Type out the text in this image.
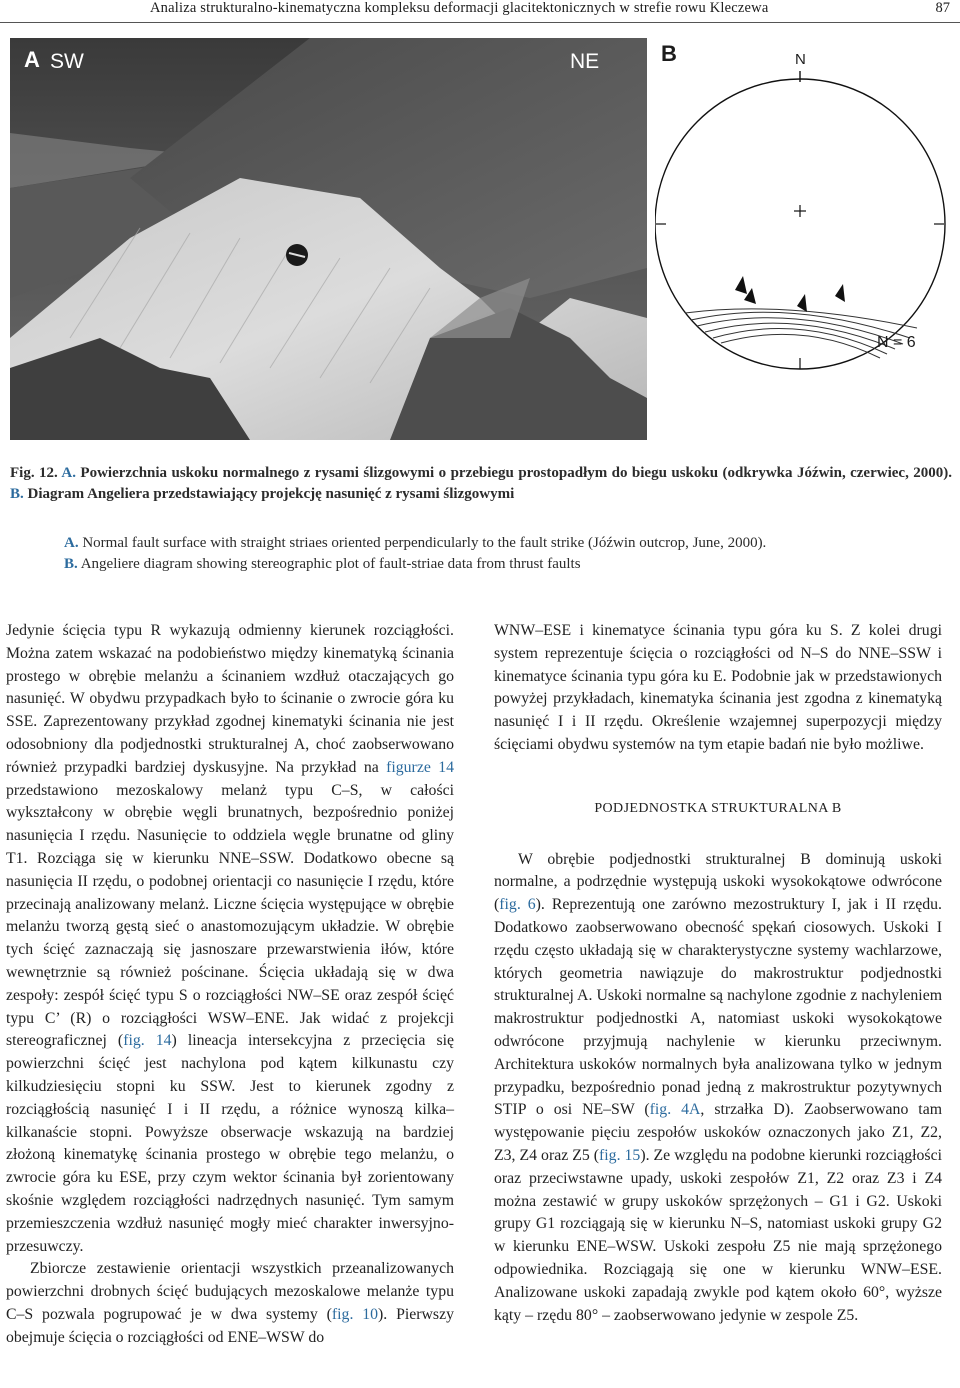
Analiza strukturalno-kinematyczna kompleksu deformacji glacitektonicznych w strefie rowu Kleczewa	87
A SW	NE	N
B
N = 6
Fig. 12. A. Powierzchnia uskoku normalnego z rysami ślizgowymi o przebiegu prostopadłym do biegu uskoku (odkrywka Jóźwin, czerwiec, 2000). B. Diagram Angeliera przedstawiający projekcję nasunięć z rysami ślizgowymi
A. Normal fault surface with straight striaes oriented perpendicularly to the fault strike (Jóźwin outcrop, June, 2000).
B. Angeliere diagram showing stereographic plot of fault-striae data from thrust faults

Jedynie ścięcia typu R wykazują odmienny kierunek rozciągłości. Można zatem wskazać na podobieństwo między kinematyką ścinania prostego w obrębie melanżu a ścinaniem wzdłuż otaczających go nasunięć. W obydwu przypadkach było to ścinanie o zwrocie góra ku SSE. Zaprezentowany przykład zgodnej kinematyki ścinania nie jest odosobniony dla podjednostki strukturalnej A, choć zaobserwowano również przypadki bardziej dyskusyjne. Na przykład na figurze 14 przedstawiono mezoskalowy melanż typu C–S, w całości wykształcony w obrębie węgli brunatnych, bezpośrednio poniżej nasunięcia I rzędu. Nasunięcie to oddziela węgle brunatne od gliny T1. Rozciąga się w kierunku NNE–SSW. Dodatkowo obecne są nasunięcia II rzędu, o podobnej orientacji co nasunięcie I rzędu, które przecinają analizowany melanż. Liczne ścięcia występujące w obrębie melanżu tworzą gęstą sieć o anastomozującym układzie. W obrębie tych ścięć zaznaczają się jasnoszare przewarstwienia iłów, które wewnętrznie są również pościnane. Ścięcia układają się w dwa zespoły: zespół ścięć typu S o rozciągłości NW–SE oraz zespół ścięć typu C’ (R) o rozciągłości WSW–ENE. Jak widać z projekcji stereograficznej (fig. 14) lineacja intersekcyjna z przecięcia się powierzchni ścięć jest nachylona pod kątem kilkunastu czy kilkudziesięciu stopni ku SSW. Jest to kierunek zgodny z rozciągłością nasunięć I i II rzędu, a różnice wynoszą kilka–kilkanaście stopni. Powyższe obserwacje wskazują na bardziej złożoną kinematykę ścinania prostego w obrębie tego melanżu, o zwrocie góra ku ESE, przy czym wektor ścinania był zorientowany skośnie względem rozciągłości nadrzędnych nasunięć. Tym samym przemieszczenia wzdłuż nasunięć mogły mieć charakter inwersyjno-przesuwczy.

Zbiorcze zestawienie orientacji wszystkich przeanalizowanych powierzchni drobnych ścięć budujących mezoskalowe melanże typu C–S pozwala pogrupować je w dwa systemy (fig. 10). Pierwszy obejmuje ścięcia o rozciągłości od ENE–WSW do

WNW–ESE i kinematyce ścinania typu góra ku S. Z kolei drugi system reprezentuje ścięcia o rozciągłości od N–S do NNE–SSW i kinematyce ścinania typu góra ku E. Podobnie jak w przedstawionych powyżej przykładach, kinematyka ścinania jest zgodna z kinematyką nasunięć I i II rzędu. Określenie wzajemnej superpozycji między ścięciami obydwu systemów na tym etapie badań nie było możliwe.

PODJEDNOSTKA STRUKTURALNA B

W obrębie podjednostki strukturalnej B dominują uskoki normalne, a podrzędnie występują uskoki wysokokątowe odwrócone (fig. 6). Reprezentują one zarówno mezostruktury I, jak i II rzędu. Dodatkowo zaobserwowano obecność spękań ciosowych. Uskoki I rzędu często układają się w charakterystyczne systemy wachlarzowe, których geometria nawiązuje do makrostruktur podjednostki strukturalnej A. Uskoki normalne są nachylone zgodnie z nachyleniem makrostruktur podjednostki A, natomiast uskoki wysokokątowe odwrócone przyjmują nachylenie w kierunku przeciwnym. Architektura uskoków normalnych była analizowana tylko w jednym przypadku, bezpośrednio ponad jedną z makrostruktur pozytywnych STIP o osi NE–SW (fig. 4A, strzałka D). Zaobserwowano tam występowanie pięciu zespołów uskoków oznaczonych jako Z1, Z2, Z3, Z4 oraz Z5 (fig. 15). Ze względu na podobne kierunki rozciągłości oraz przeciwstawne upady, uskoki zespołów Z1, Z2 oraz Z3 i Z4 można zestawić w grupy uskoków sprzężonych – G1 i G2. Uskoki grupy G1 rozciągają się w kierunku N–S, natomiast uskoki grupy G2 w kierunku ENE–WSW. Uskoki zespołu Z5 nie mają sprzężonego odpowiednika. Rozciągają się one w kierunku WNW–ESE. Analizowane uskoki zapadają zwykle pod kątem około 60°, wyższe kąty – rzędu 80° – zaobserwowano jedynie w zespole Z5.
